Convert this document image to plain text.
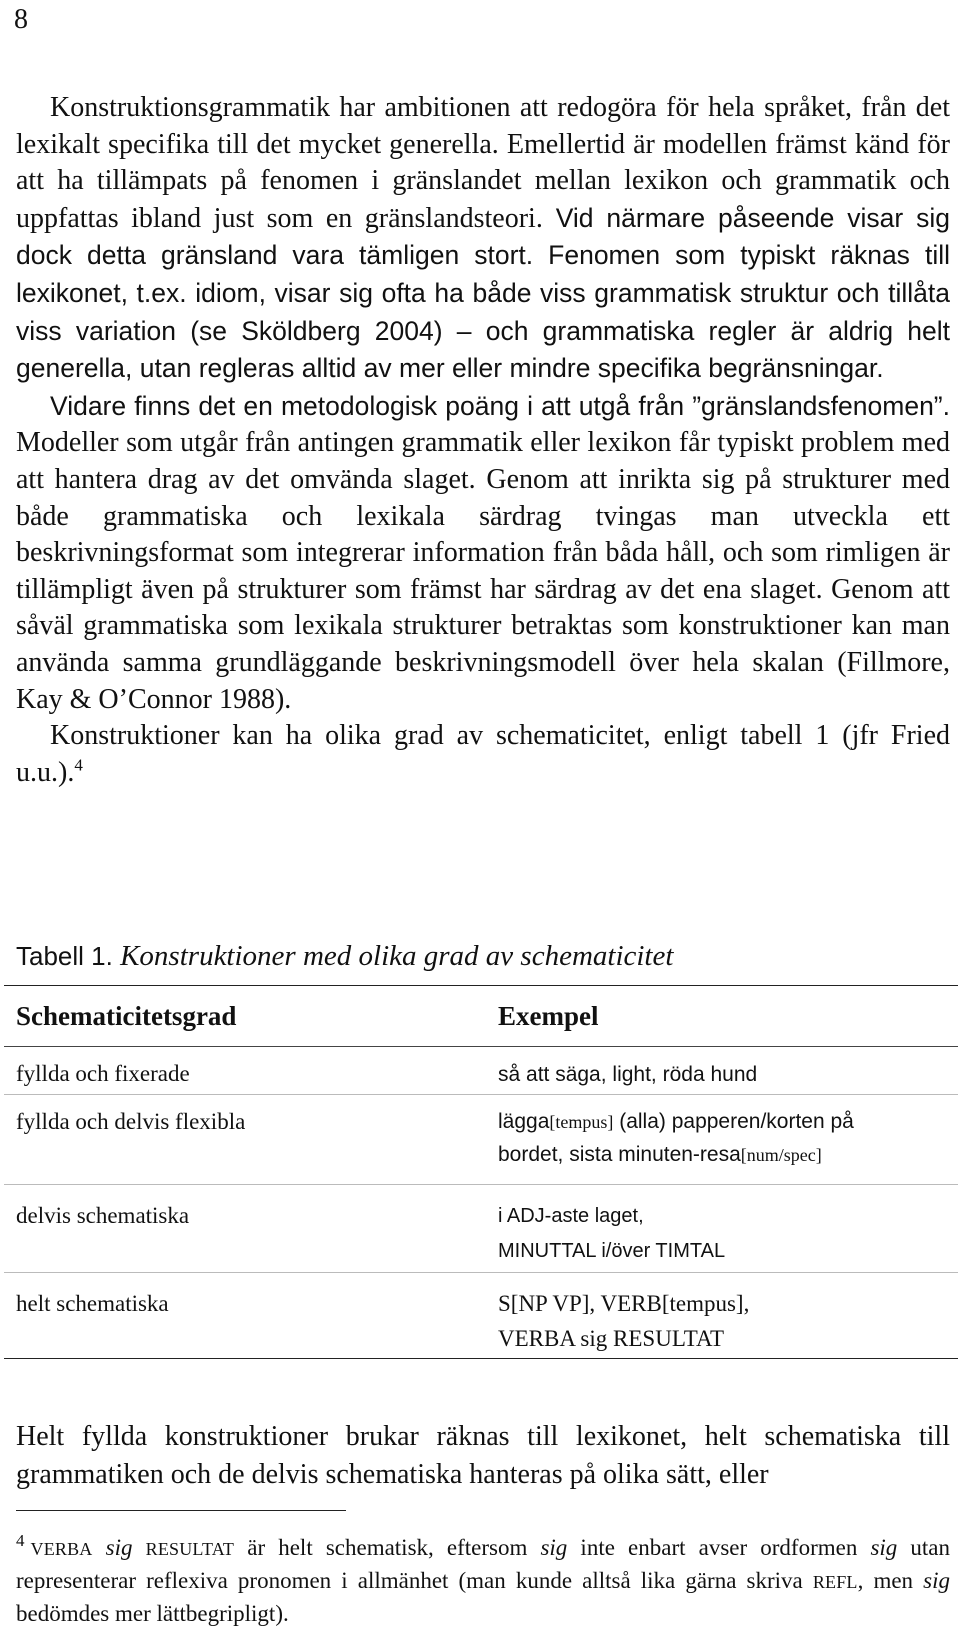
8

Konstruktionsgrammatik har ambitionen att redogöra för hela språket, från det lexikalt specifika till det mycket generella. Emellertid är modellen främst känd för att ha tillämpats på fenomen i gränslandet mellan lexikon och grammatik och uppfattas ibland just som en gränslandsteori. Vid närmare påseende visar sig dock detta gränsland vara tämligen stort. Fenomen som typiskt räknas till lexikonet, t.ex. idiom, visar sig ofta ha både viss grammatisk struktur och tillåta viss variation (se Sköldberg 2004) – och grammatiska regler är aldrig helt generella, utan regleras alltid av mer eller mindre specifika begränsningar.

Vidare finns det en metodologisk poäng i att utgå från ”gränslandsfenomen”. Modeller som utgår från antingen grammatik eller lexikon får typiskt problem med att hantera drag av det omvända slaget. Genom att inrikta sig på strukturer med både grammatiska och lexikala särdrag tvingas man utveckla ett beskrivningsformat som integrerar information från båda håll, och som rimligen är tillämpligt även på strukturer som främst har särdrag av det ena slaget. Genom att såväl grammatiska som lexikala strukturer betraktas som konstruktioner kan man använda samma grundläggande beskrivningsmodell över hela skalan (Fillmore, Kay & O’Connor 1988).

Konstruktioner kan ha olika grad av schematicitet, enligt tabell 1 (jfr Fried u.u.).$^4$

Tabell 1. Konstruktioner med olika grad av schematicitet
Schematicitetsgrad	Exempel
fyllda och fixerade	så att säga, light, röda hund
fyllda och delvis flexibla	lägga[tempus] (alla) papperen/korten på
bordet, sista minuten-resa[num/spec]
delvis schematiska	i ADJ-aste laget,
MINUTTAL i/över TIMTAL
helt schematiska	S[NP VP], VERB[tempus],
VERBA sig RESULTAT

Helt fyllda konstruktioner brukar räknas till lexikonet, helt schematiska till grammatiken och de delvis schematiska hanteras på olika sätt, eller

$^4$ VERBA sig RESULTAT är helt schematisk, eftersom sig inte enbart avser ordformen sig utan representerar reflexiva pronomen i allmänhet (man kunde alltså lika gärna skriva REFL, men sig bedömdes mer lättbegripligt).
